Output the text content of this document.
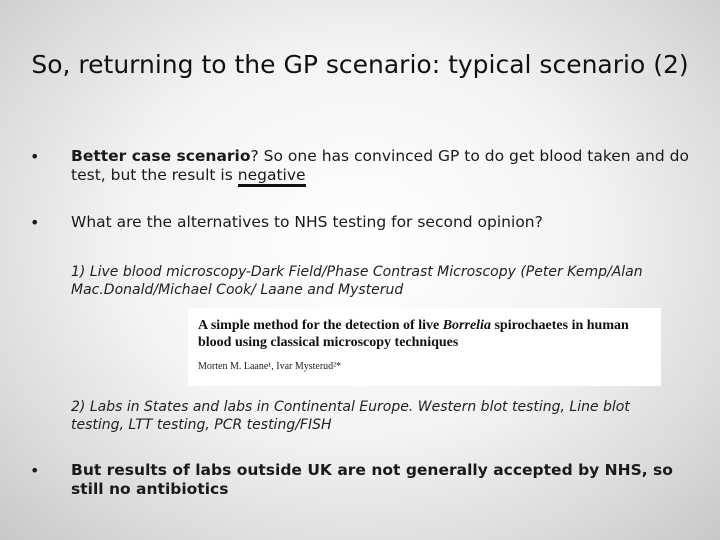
So, returning to the GP scenario: typical scenario (2)
• Better case scenario? So one has convinced GP to do get blood taken and do test, but the result is negative
• What are the alternatives to NHS testing for second opinion?
1) Live blood microscopy-Dark Field/Phase Contrast Microscopy (Peter Kemp/Alan Mac.Donald/Michael Cook/ Laane and Mysterud
A simple method for the detection of live Borrelia spirochaetes in human blood using classical microscopy techniques
Morten M. Laane¹, Ivar Mysterud²*
2) Labs in States and labs in Continental Europe. Western blot testing, Line blot testing, LTT testing, PCR testing/FISH
• But results of labs outside UK are not generally accepted by NHS, so still no antibiotics
